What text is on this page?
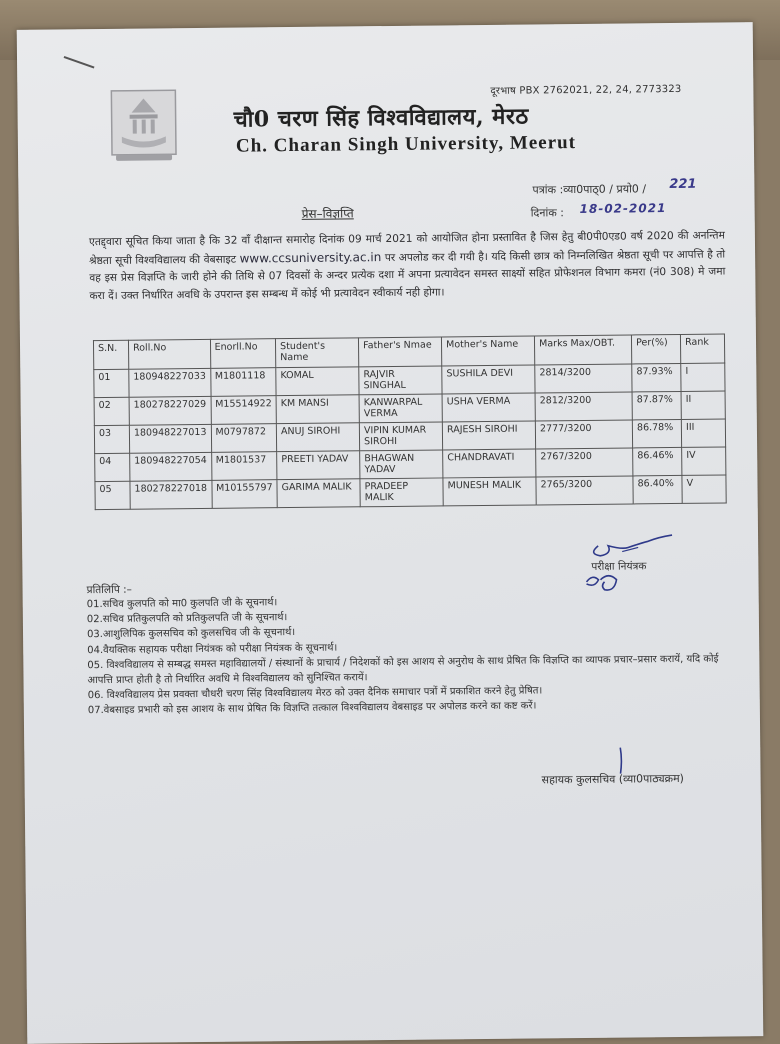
दूरभाष PBX 2762021, 22, 24, 2773323
चौ0 चरण सिंह विश्वविद्यालय, मेरठ
Ch. Charan Singh University, Meerut
पत्रांक :व्या0पाठ्0 / प्रयो0 / 221
प्रेस–विज्ञप्ति	दिनांक : 18-02-2021
एतद्द्वारा सूचित किया जाता है कि 32 वॉं दीक्षान्त समारोह दिनांक 09 मार्च 2021 को आयोजित होना प्रस्तावित है जिस हेतु बी0पी0एड0 वर्ष 2020 की अनन्तिम श्रेष्ठता सूची विश्वविद्यालय की वेबसाइट www.ccsuniversity.ac.in पर अपलोड कर दी गयी है। यदि किसी छात्र को निम्नलिखित श्रेष्ठता सूची पर आपत्ति है तो वह इस प्रेस विज्ञप्ति के जारी होने की तिथि से 07 दिवसों के अन्दर प्रत्येक दशा में अपना प्रत्यावेदन समस्त साक्ष्यों सहित प्रोफेशनल विभाग कमरा (नं0 308) मे जमा करा दें। उक्त निर्धारित अवधि के उपरान्त इस सम्बन्ध में कोई भी प्रत्यावेदन स्वीकार्य नही होगा।
S.N.	Roll.No	Enorll.No	Student's Name	Father's Nmae	Mother's Name	Marks Max/OBT.	Per(%)	Rank
01	180948227033	M1801118	KOMAL	RAJVIR SINGHAL	SUSHILA DEVI	2814/3200	87.93%	I
02	180278227029	M15514922	KM MANSI	KANWARPAL VERMA	USHA VERMA	2812/3200	87.87%	II
03	180948227013	M0797872	ANUJ SIROHI	VIPIN KUMAR SIROHI	RAJESH SIROHI	2777/3200	86.78%	III
04	180948227054	M1801537	PREETI YADAV	BHAGWAN YADAV	CHANDRAVATI	2767/3200	86.46%	IV
05	180278227018	M10155797	GARIMA MALIK	PRADEEP MALIK	MUNESH MALIK	2765/3200	86.40%	V
परीक्षा नियंत्रक
प्रतिलिपि :–
01.सचिव कुलपति को मा0 कुलपति जी के सूचनार्थ।
02.सचिव प्रतिकुलपति को प्रतिकुलपति जी के सूचनार्थ।
03.आशुलिपिक कुलसचिव को कुलसचिव जी के सूचनार्थ।
04.वैयक्तिक सहायक परीक्षा नियंत्रक को परीक्षा नियंत्रक के सूचनार्थ।
05. विश्वविद्यालय से सम्बद्ध समस्त महाविद्यालयों / संस्थानों के प्राचार्य / निदेशकों को इस आशय से अनुरोध के साथ प्रेषित कि विज्ञप्ति का व्यापक प्रचार–प्रसार करायें, यदि कोई आपत्ति प्राप्त होती है तो निर्धारित अवधि मे विश्वविद्यालय को सुनिश्चित करायें।
06. विश्वविद्यालय प्रेस प्रवक्ता चौधरी चरण सिंह विश्वविद्यालय मेरठ को उक्त दैनिक समाचार पत्रों में प्रकाशित करने हेतु प्रेषित।
07.वेबसाइड प्रभारी को इस आशय के साथ प्रेषित कि विज्ञप्ति तत्काल विश्वविद्यालय वेबसाइड पर अपोलड करने का कष्ट करें।
सहायक कुलसचिव (व्या0पाठ्यक्रम)
